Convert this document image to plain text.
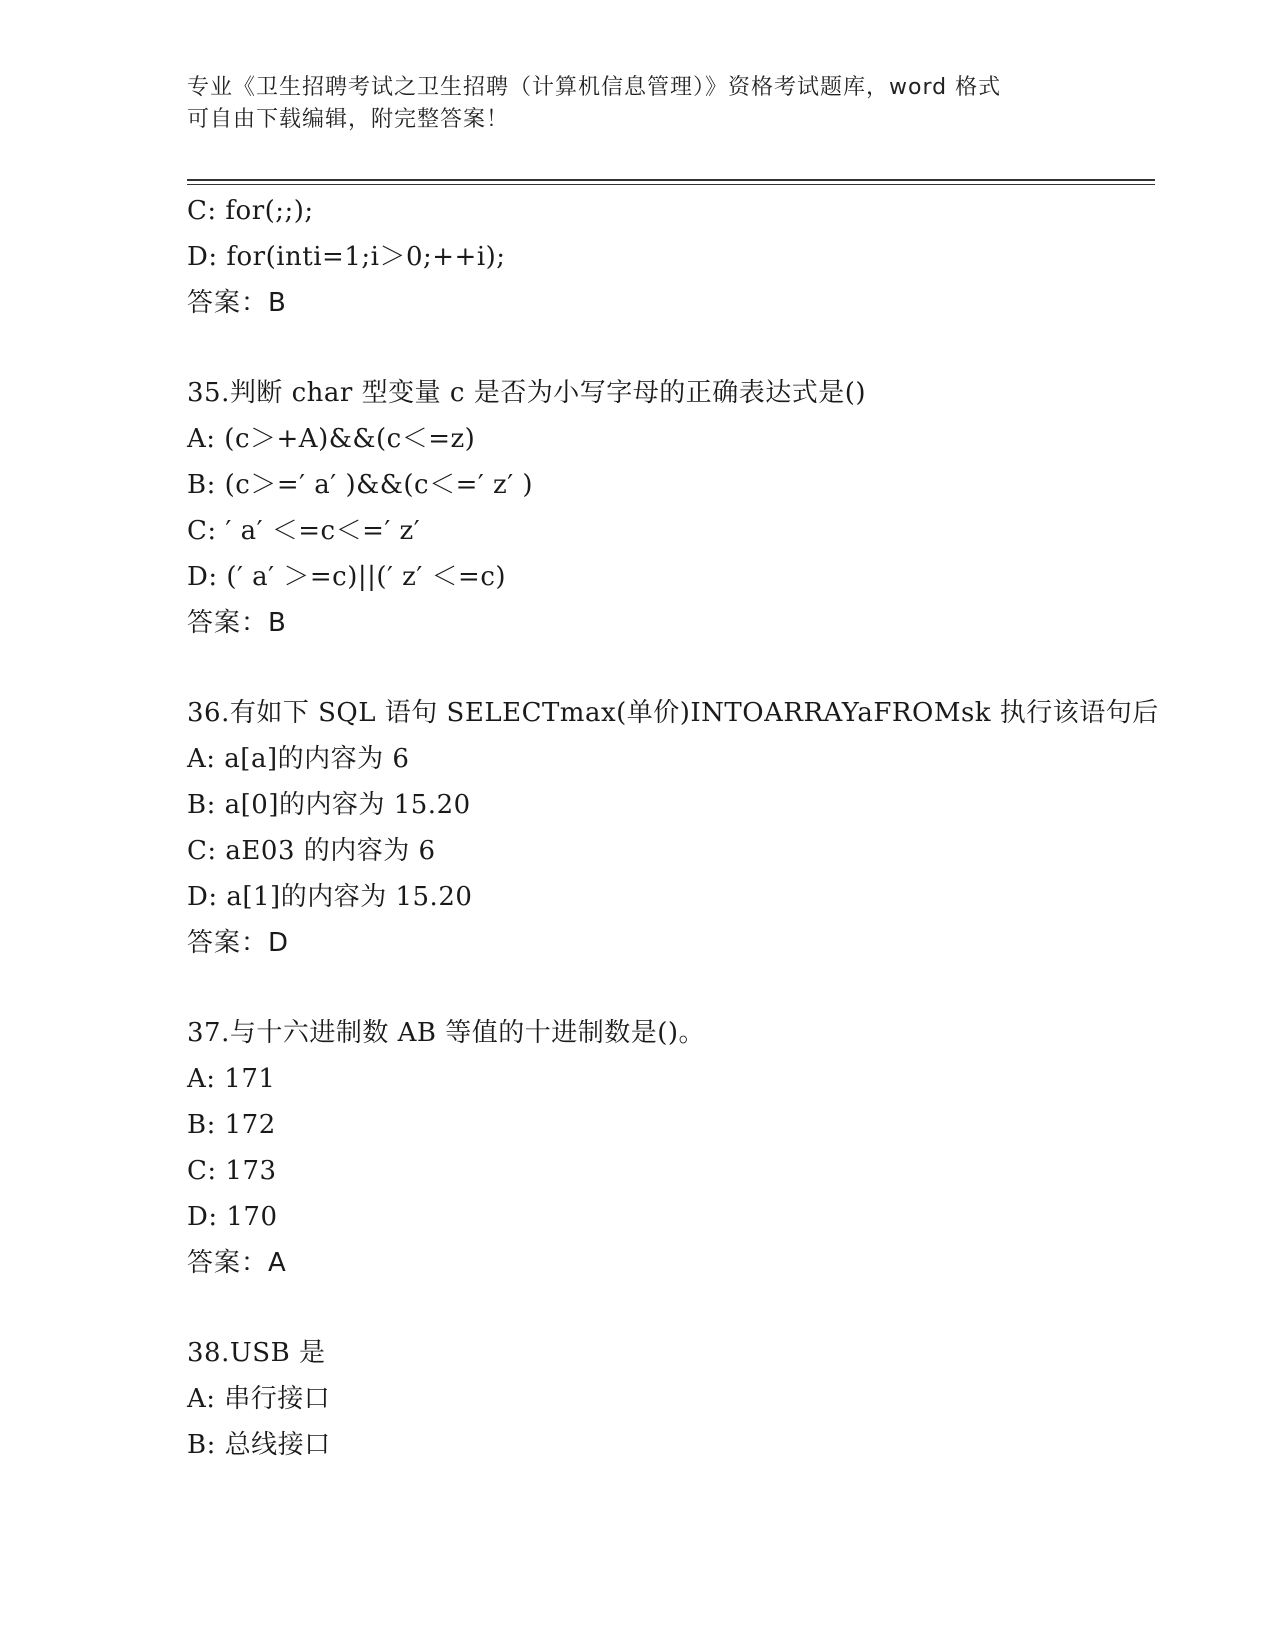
专业《卫生招聘考试之卫生招聘（计算机信息管理）》资格考试题库，word 格式
可自由下载编辑，附完整答案！
C: for(;;);
D: for(inti=1;i＞0;++i);
答案：B
35.判断 char 型变量 c 是否为小写字母的正确表达式是()
A: (c＞+A)&&(c＜=z)
B: (c＞=′ a′ )&&(c＜=′ z′ )
C: ′ a′ ＜=c＜=′ z′
D: (′ a′ ＞=c)||(′ z′ ＜=c)
答案：B
36.有如下 SQL 语句 SELECTmax(单价)INTOARRAYaFROMsk 执行该语句后
A: a[a]的内容为 6
B: a[0]的内容为 15.20
C: aE03 的内容为 6
D: a[1]的内容为 15.20
答案：D
37.与十六进制数 AB 等值的十进制数是()。
A: 171
B: 172
C: 173
D: 170
答案：A
38.USB 是
A: 串行接口
B: 总线接口
